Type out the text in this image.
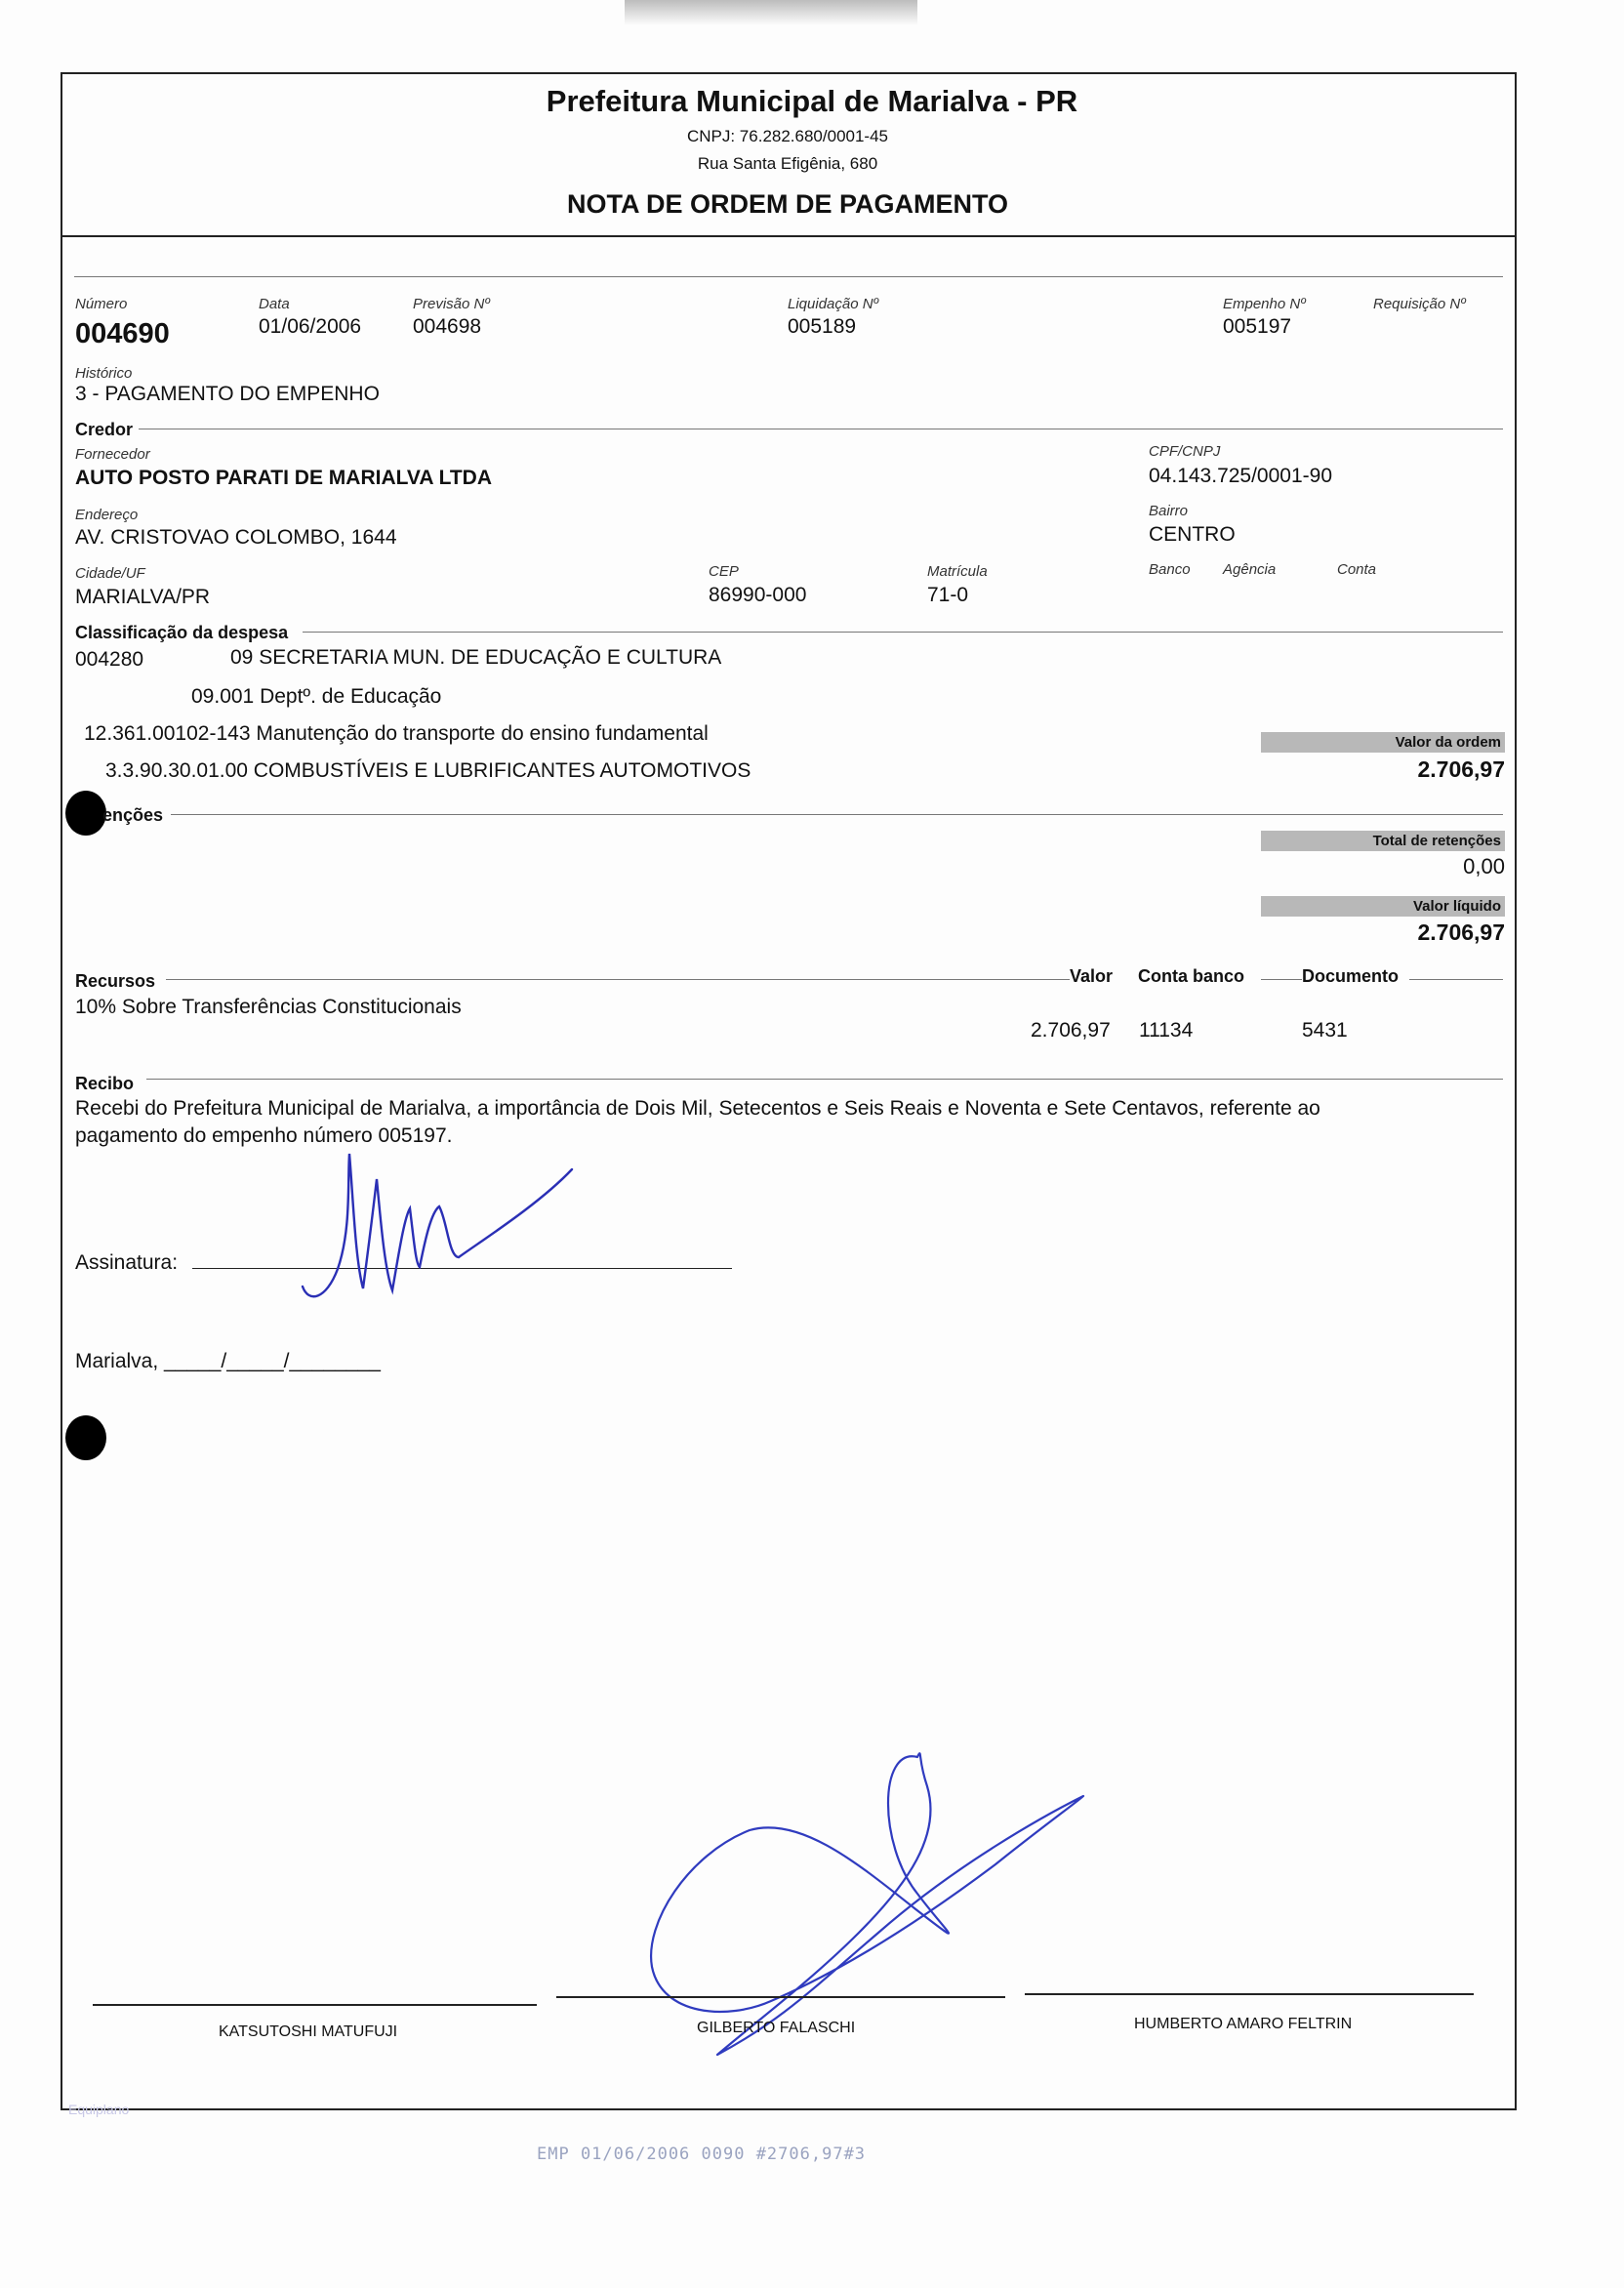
Prefeitura Municipal de Marialva - PR
CNPJ: 76.282.680/0001-45
Rua Santa Efigênia, 680
NOTA DE ORDEM DE PAGAMENTO
Número
004690
Data
01/06/2006
Previsão Nº
004698
Liquidação Nº
005189
Empenho Nº
005197
Requisição Nº
Histórico
3 - PAGAMENTO DO EMPENHO
Credor
Fornecedor
AUTO POSTO PARATI DE MARIALVA LTDA
CPF/CNPJ
04.143.725/0001-90
Endereço
AV. CRISTOVAO COLOMBO, 1644
Bairro
CENTRO
Cidade/UF
MARIALVA/PR
CEP
86990-000
Matrícula
71-0
Banco Agência	Conta
Classificação da despesa
004280	09 SECRETARIA MUN. DE EDUCAÇÃO E CULTURA
09.001 Deptº. de Educação
12.361.00102-143 Manutenção do transporte do ensino fundamental
3.3.90.30.01.00 COMBUSTÍVEIS E LUBRIFICANTES AUTOMOTIVOS
Valor da ordem
2.706,97
enções
Total de retenções
0,00
Valor líquido
2.706,97
Recursos	Valor	Conta banco	Documento
10% Sobre Transferências Constitucionais
2.706,97 11134	5431
Recibo
Recebi do Prefeitura Municipal de Marialva, a importância de Dois Mil, Setecentos e Seis Reais e Noventa e Sete Centavos, referente ao
pagamento do empenho número 005197.
Assinatura:
Marialva, _____/_____/________
KATSUTOSHI MATUFUJI	GILBERTO FALASCHI	HUMBERTO AMARO FELTRIN
Equiplano
EMP 01/06/2006 0090 #2706,97#3
